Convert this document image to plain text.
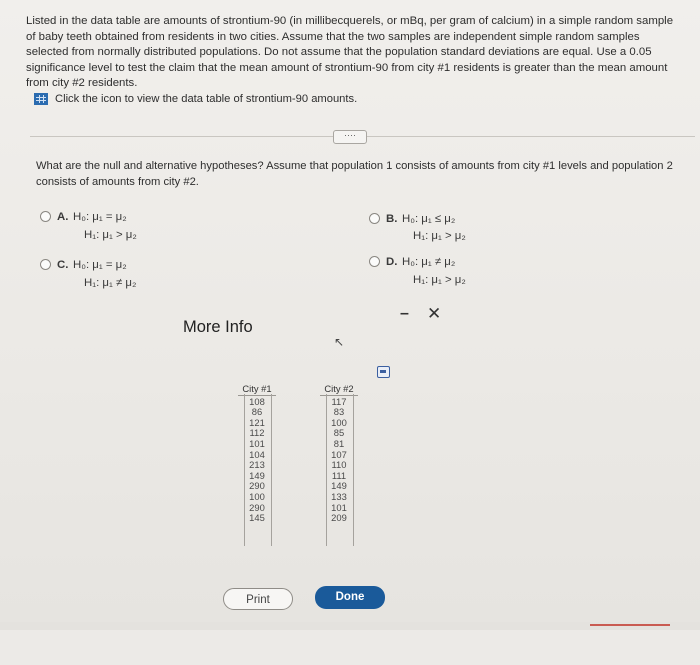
Listed in the data table are amounts of strontium-90 (in millibecquerels, or mBq, per gram of calcium) in a simple random sample of baby teeth obtained from residents in two cities. Assume that the two samples are independent simple random samples selected from normally distributed populations. Do not assume that the population standard deviations are equal. Use a 0.05 significance level to test the claim that the mean amount of strontium-90 from city #1 residents is greater than the mean amount from city #2 residents.
Click the icon to view the data table of strontium-90 amounts.
····
What are the null and alternative hypotheses? Assume that population 1 consists of amounts from city #1 levels and population 2 consists of amounts from city #2.
A. H₀: μ₁ = μ₂
H₁: μ₁ > μ₂
C. H₀: μ₁ = μ₂
H₁: μ₁ ≠ μ₂
B. H₀: μ₁ ≤ μ₂
H₁: μ₁ > μ₂
D. H₀: μ₁ ≠ μ₂
H₁: μ₁ > μ₂
– ✕
More Info
↖
City #1
108
86
121
112
101
104
213
149
290
100
290
145
City #2
117
83
100
85
81
107
110
111
149
133
101
209
Print	Done
